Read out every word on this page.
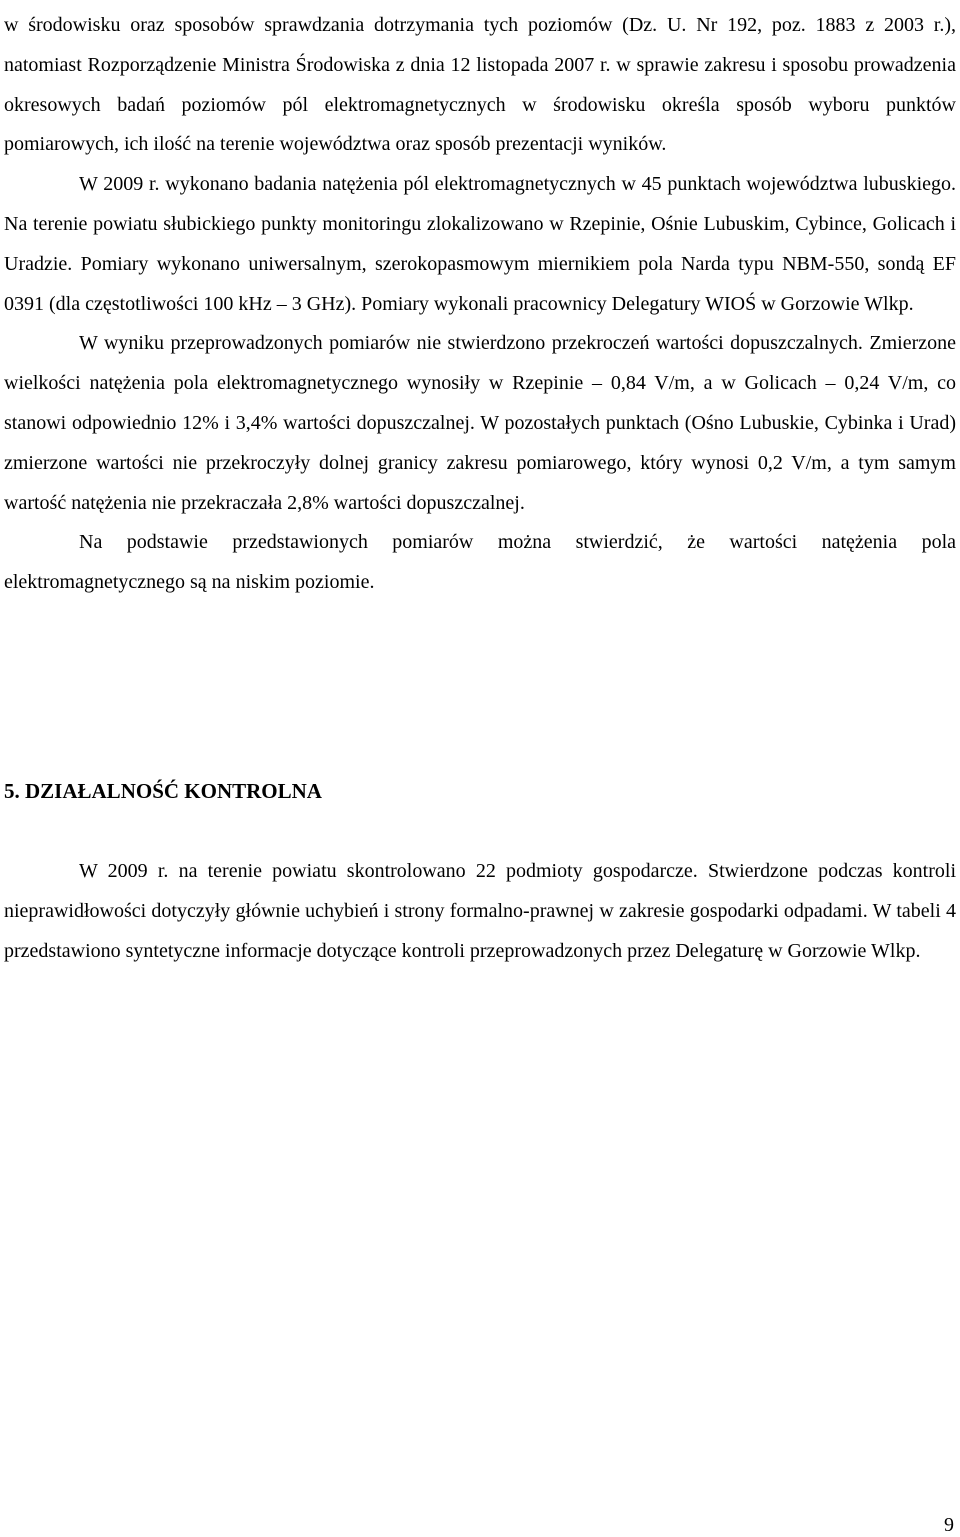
w środowisku oraz sposobów sprawdzania dotrzymania tych poziomów (Dz. U. Nr 192, poz. 1883 z 2003 r.), natomiast Rozporządzenie Ministra Środowiska z dnia 12 listopada 2007 r. w sprawie zakresu i sposobu prowadzenia okresowych badań poziomów pól elektromagnetycznych w środowisku określa sposób wyboru punktów pomiarowych, ich ilość na terenie województwa oraz sposób prezentacji wyników.

W 2009 r. wykonano badania natężenia pól elektromagnetycznych w 45 punktach województwa lubuskiego. Na terenie powiatu słubickiego punkty monitoringu zlokalizowano w Rzepinie, Ośnie Lubuskim, Cybince, Golicach i Uradzie. Pomiary wykonano uniwersalnym, szerokopasmowym miernikiem pola Narda typu NBM-550, sondą EF 0391 (dla częstotliwości 100 kHz – 3 GHz). Pomiary wykonali pracownicy Delegatury WIOŚ w Gorzowie Wlkp.

W wyniku przeprowadzonych pomiarów nie stwierdzono przekroczeń wartości dopuszczalnych. Zmierzone wielkości natężenia pola elektromagnetycznego wynosiły w Rzepinie – 0,84 V/m, a w Golicach – 0,24 V/m, co stanowi odpowiednio 12% i 3,4% wartości dopuszczalnej. W pozostałych punktach (Ośno Lubuskie, Cybinka i Urad) zmierzone wartości nie przekroczyły dolnej granicy zakresu pomiarowego, który wynosi 0,2 V/m, a tym samym wartość natężenia nie przekraczała 2,8% wartości dopuszczalnej.

Na podstawie przedstawionych pomiarów można stwierdzić, że wartości natężenia pola elektromagnetycznego są na niskim poziomie.

5. DZIAŁALNOŚĆ KONTROLNA

W 2009 r. na terenie powiatu skontrolowano 22 podmioty gospodarcze. Stwierdzone podczas kontroli nieprawidłowości dotyczyły głównie uchybień i strony formalno-prawnej w zakresie gospodarki odpadami. W tabeli 4 przedstawiono syntetyczne informacje dotyczące kontroli przeprowadzonych przez Delegaturę w Gorzowie Wlkp.

9
